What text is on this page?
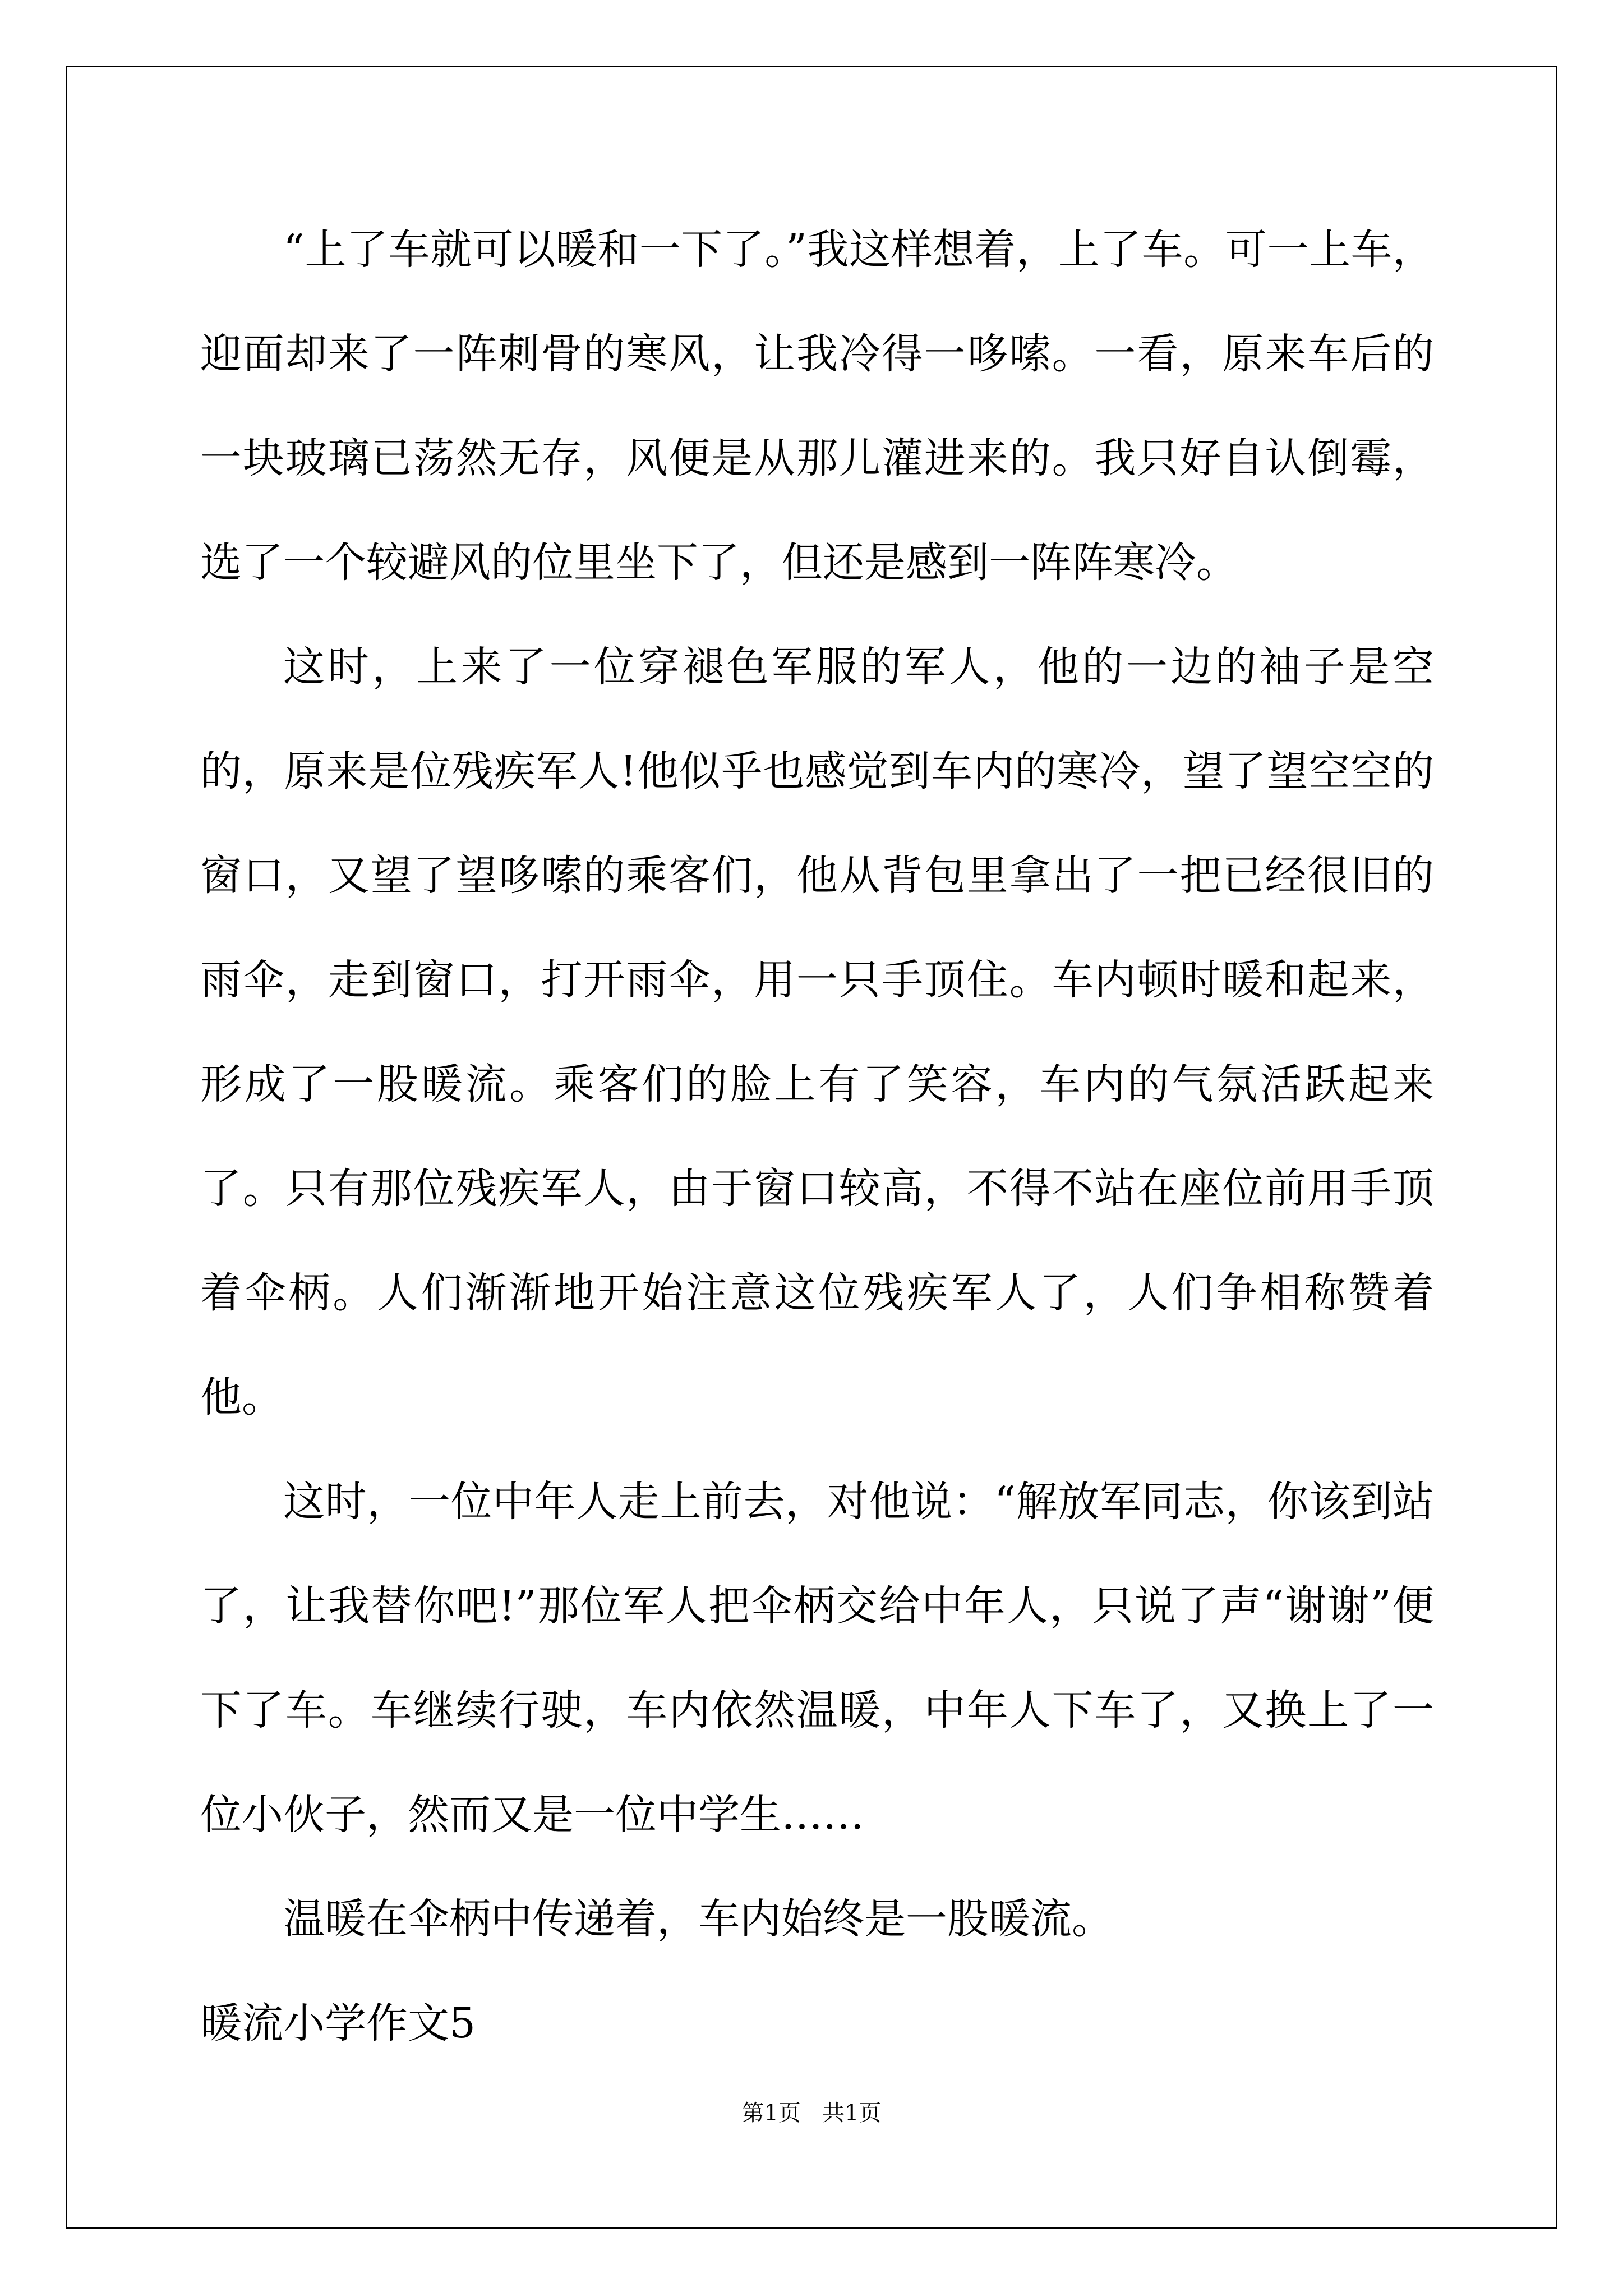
“上了车就可以暖和一下了。”我这样想着，上了车。可一上车，迎面却来了一阵刺骨的寒风，让我冷得一哆嗦。一看，原来车后的一块玻璃已荡然无存，风便是从那儿灌进来的。我只好自认倒霉，选了一个较避风的位里坐下了，但还是感到一阵阵寒冷。

这时，上来了一位穿褪色军服的军人，他的一边的袖子是空的，原来是位残疾军人!他似乎也感觉到车内的寒冷，望了望空空的窗口，又望了望哆嗦的乘客们，他从背包里拿出了一把已经很旧的雨伞，走到窗口，打开雨伞，用一只手顶住。车内顿时暖和起来，形成了一股暖流。乘客们的脸上有了笑容，车内的气氛活跃起来了。只有那位残疾军人，由于窗口较高，不得不站在座位前用手顶着伞柄。人们渐渐地开始注意这位残疾军人了，人们争相称赞着他。

这时，一位中年人走上前去，对他说：“解放军同志，你该到站了，让我替你吧!”那位军人把伞柄交给中年人，只说了声“谢谢”便下了车。车继续行驶，车内依然温暖，中年人下车了，又换上了一位小伙子，然而又是一位中学生……

温暖在伞柄中传递着，车内始终是一股暖流。

暖流小学作文5
第1页   共1页
